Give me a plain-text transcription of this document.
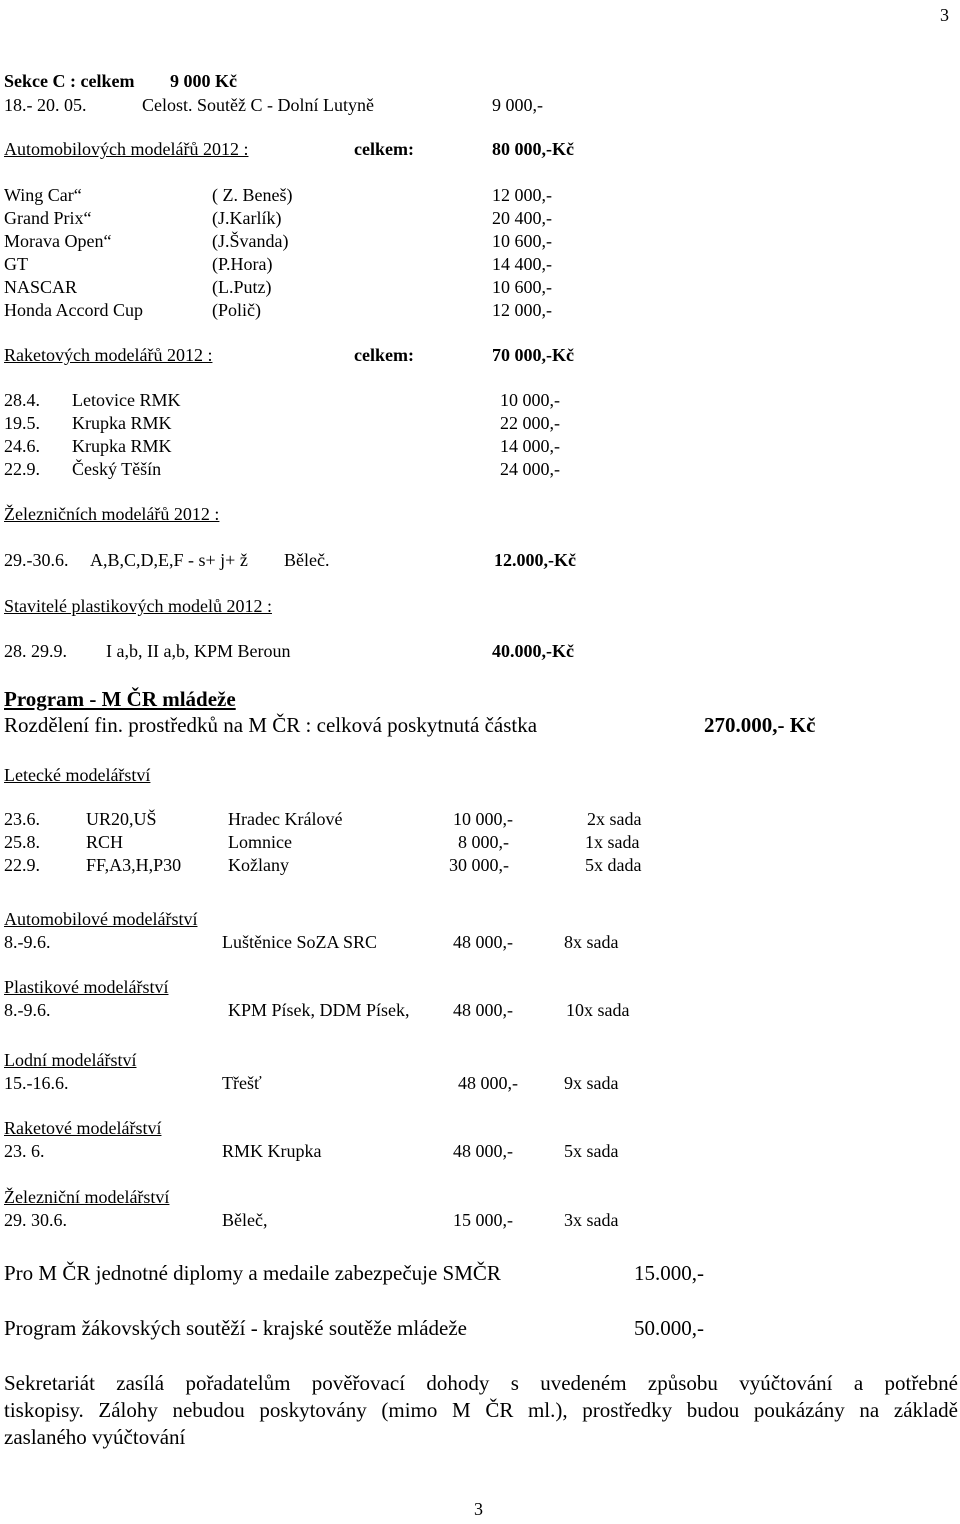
3
Sekce C : celkem 9 000 Kč
18.- 20. 05.	Celost. Soutěž C - Dolní Lutyně	9 000,-
Automobilových modelářů 2012 :	celkem:	80 000,-Kč
Wing Car“	( Z. Beneš)	12 000,-
Grand Prix“	(J.Karlík)	20 400,-
Morava Open“	(J.Švanda)	10 600,-
GT	(P.Hora)	14 400,-
NASCAR	(L.Putz)	10 600,-
Honda Accord Cup	(Polič)	12 000,-
Raketových modelářů 2012 :	celkem:	70 000,-Kč
28.4. Letovice RMK	10 000,-
19.5. Krupka RMK	22 000,-
24.6. Krupka RMK	14 000,-
22.9. Český Těšín	24 000,-
Železničních modelářů 2012 :
29.-30.6. A,B,C,D,E,F - s+ j+ ž Běleč.	12.000,-Kč
Stavitelé plastikových modelů 2012 :
28. 29.9. I a,b, II a,b, KPM Beroun	40.000,-Kč
Program - M ČR mládeže
Rozdělení fin. prostředků na M ČR : celková poskytnutá částka	270.000,- Kč
Letecké modelářství
23.6.	UR20,UŠ	Hradec Králové	10 000,-	2x sada
25.8.	RCH	Lomnice	8 000,-	1x sada
22.9.	FF,A3,H,P30	Kožlany	30 000,-	5x dada
Automobilové modelářství
8.-9.6.	Luštěnice SoZA SRC	48 000,-	8x sada
Plastikové modelářství
8.-9.6.	KPM Písek, DDM Písek, 48 000,-	10x sada
Lodní modelářství
15.-16.6.	Třešť	48 000,-	9x sada
Raketové modelářství
23. 6.	RMK Krupka	48 000,-	5x sada
Železniční modelářství
29. 30.6.	Běleč,	15 000,-	3x sada
Pro M ČR jednotné diplomy a medaile zabezpečuje SMČR	15.000,-
Program žákovských soutěží - krajské soutěže mládeže	50.000,-
Sekretariát zasílá pořadatelům pověřovací dohody s uvedeném způsobu vyúčtování a potřebné
tiskopisy. Zálohy nebudou poskytovány (mimo M ČR ml.), prostředky budou poukázány na základě
zaslaného vyúčtování
3
